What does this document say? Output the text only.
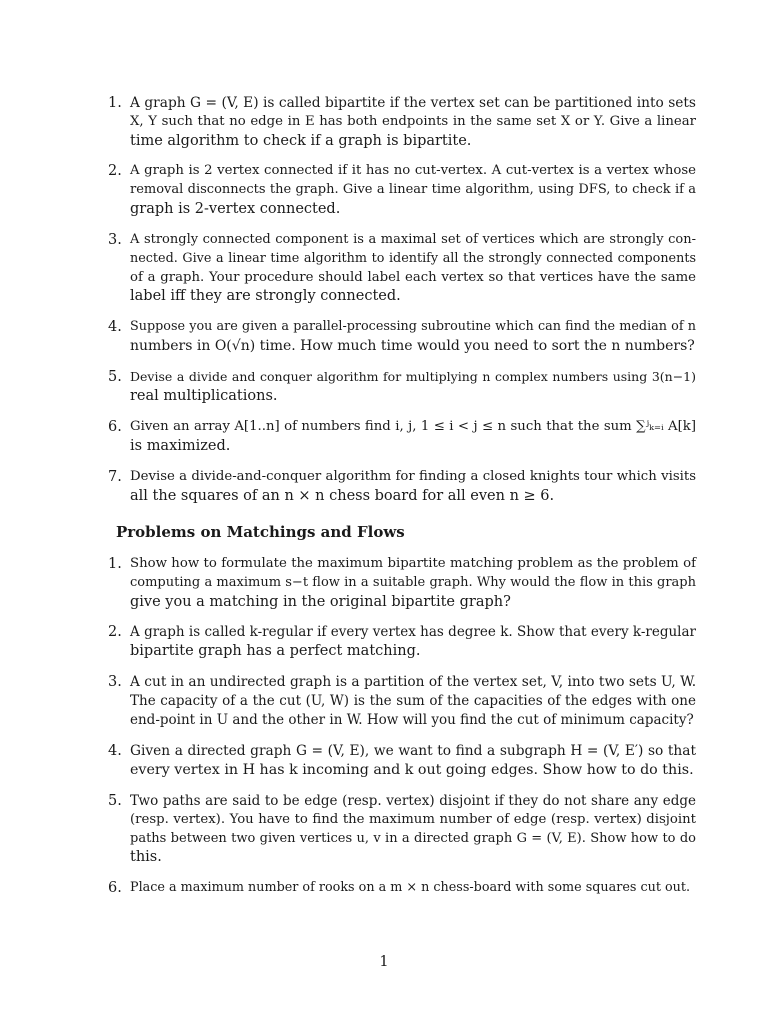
1. A graph G = (V, E) is called bipartite if the vertex set can be partitioned into sets
X, Y such that no edge in E has both endpoints in the same set X or Y. Give a linear
time algorithm to check if a graph is bipartite.
2. A graph is 2 vertex connected if it has no cut-vertex. A cut-vertex is a vertex whose
removal disconnects the graph. Give a linear time algorithm, using DFS, to check if a
graph is 2-vertex connected.
3. A strongly connected component is a maximal set of vertices which are strongly con-
nected. Give a linear time algorithm to identify all the strongly connected components
of a graph. Your procedure should label each vertex so that vertices have the same
label iff they are strongly connected.
4. Suppose you are given a parallel-processing subroutine which can find the median of n
numbers in O(√n) time. How much time would you need to sort the n numbers?
5. Devise a divide and conquer algorithm for multiplying n complex numbers using 3(n−1)
real multiplications.
6. Given an array A[1..n] of numbers find i, j, 1 ≤ i < j ≤ n such that the sum ∑ʲₖ₌ᵢ A[k]
is maximized.
7. Devise a divide-and-conquer algorithm for finding a closed knights tour which visits
all the squares of an n × n chess board for all even n ≥ 6.
Problems on Matchings and Flows
1. Show how to formulate the maximum bipartite matching problem as the problem of
computing a maximum s−t flow in a suitable graph. Why would the flow in this graph
give you a matching in the original bipartite graph?
2. A graph is called k-regular if every vertex has degree k. Show that every k-regular
bipartite graph has a perfect matching.
3. A cut in an undirected graph is a partition of the vertex set, V, into two sets U, W.
The capacity of a the cut (U, W) is the sum of the capacities of the edges with one
end-point in U and the other in W. How will you find the cut of minimum capacity?
4. Given a directed graph G = (V, E), we want to find a subgraph H = (V, E′) so that
every vertex in H has k incoming and k out going edges. Show how to do this.
5. Two paths are said to be edge (resp. vertex) disjoint if they do not share any edge
(resp. vertex). You have to find the maximum number of edge (resp. vertex) disjoint
paths between two given vertices u, v in a directed graph G = (V, E). Show how to do
this.
6. Place a maximum number of rooks on a m × n chess-board with some squares cut out.
1
